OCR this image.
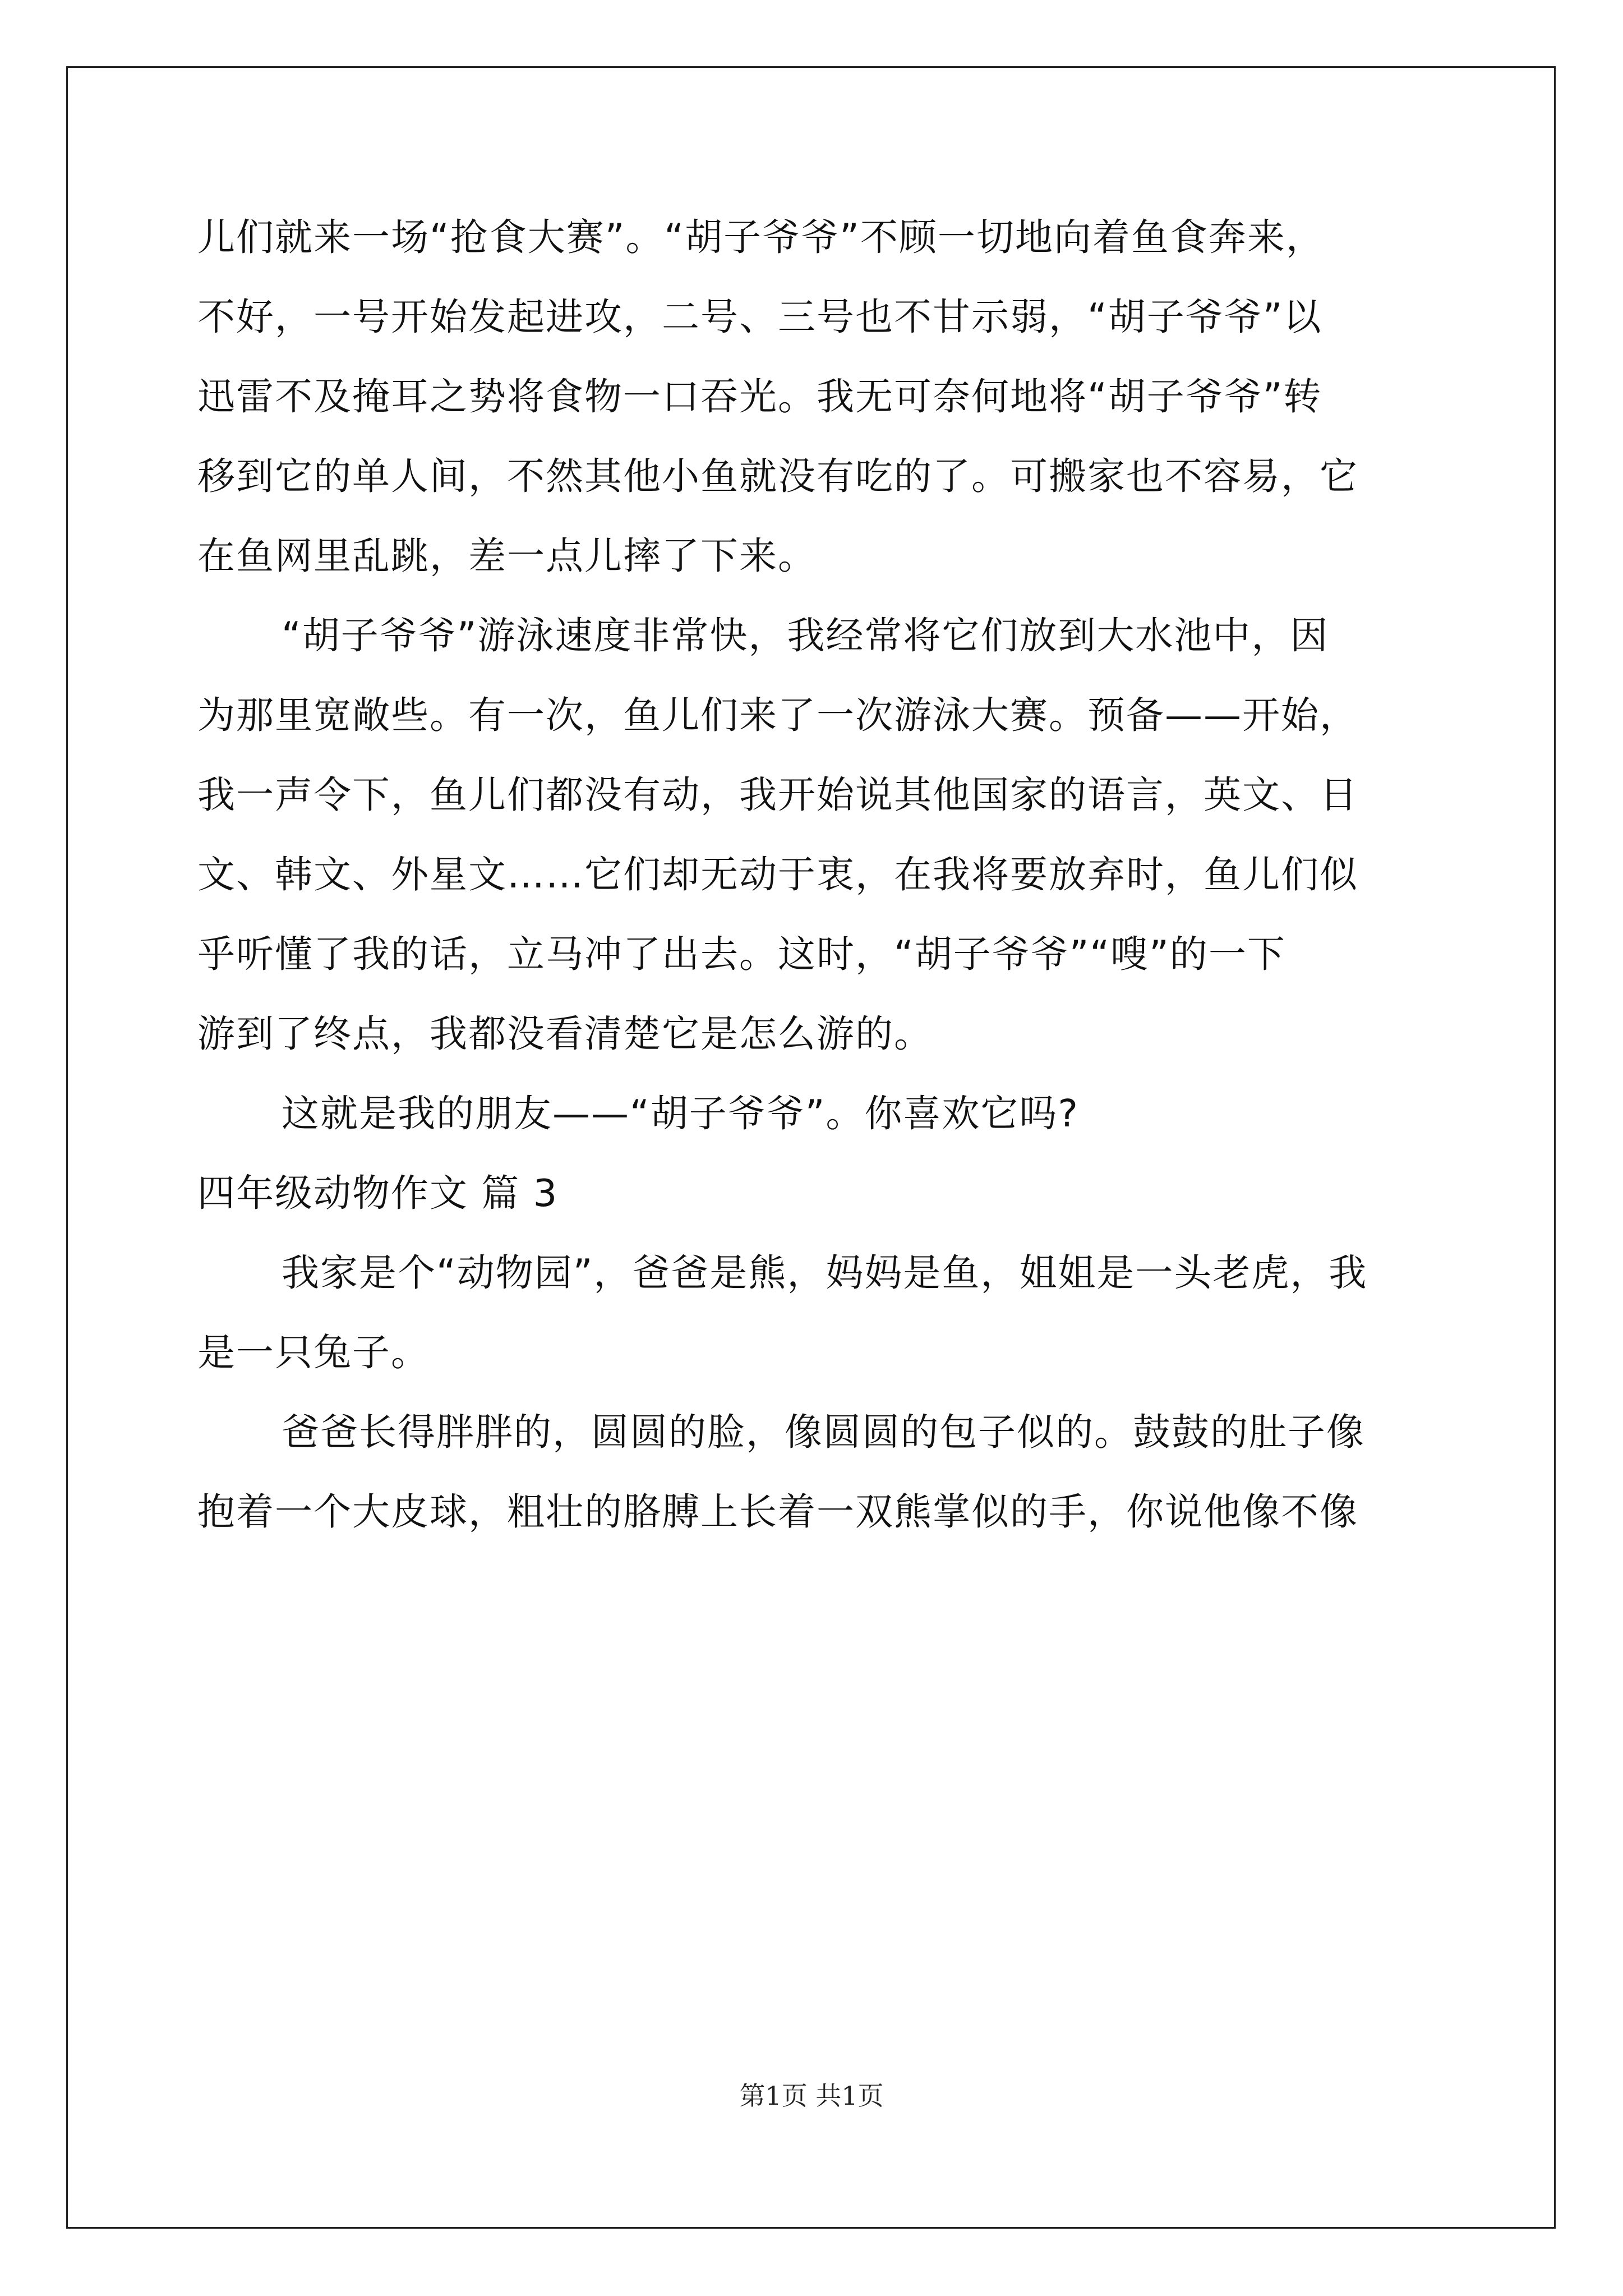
儿们就来一场“抢食大赛”。“胡子爷爷”不顾一切地向着鱼食奔来，
不好，一号开始发起进攻，二号、三号也不甘示弱，“胡子爷爷”以
迅雷不及掩耳之势将食物一口吞光。我无可奈何地将“胡子爷爷”转
移到它的单人间，不然其他小鱼就没有吃的了。可搬家也不容易，它
在鱼网里乱跳，差一点儿摔了下来。
“胡子爷爷”游泳速度非常快，我经常将它们放到大水池中，因
为那里宽敞些。有一次，鱼儿们来了一次游泳大赛。预备——开始，
我一声令下，鱼儿们都没有动，我开始说其他国家的语言，英文、日
文、韩文、外星文……它们却无动于衷，在我将要放弃时，鱼儿们似
乎听懂了我的话，立马冲了出去。这时，“胡子爷爷”“嗖”的一下
游到了终点，我都没看清楚它是怎么游的。
这就是我的朋友——“胡子爷爷”。你喜欢它吗?
四年级动物作文 篇 3
我家是个“动物园”，爸爸是熊，妈妈是鱼，姐姐是一头老虎，我
是一只兔子。
爸爸长得胖胖的，圆圆的脸，像圆圆的包子似的。鼓鼓的肚子像
抱着一个大皮球，粗壮的胳膊上长着一双熊掌似的手，你说他像不像
第1页 共1页
